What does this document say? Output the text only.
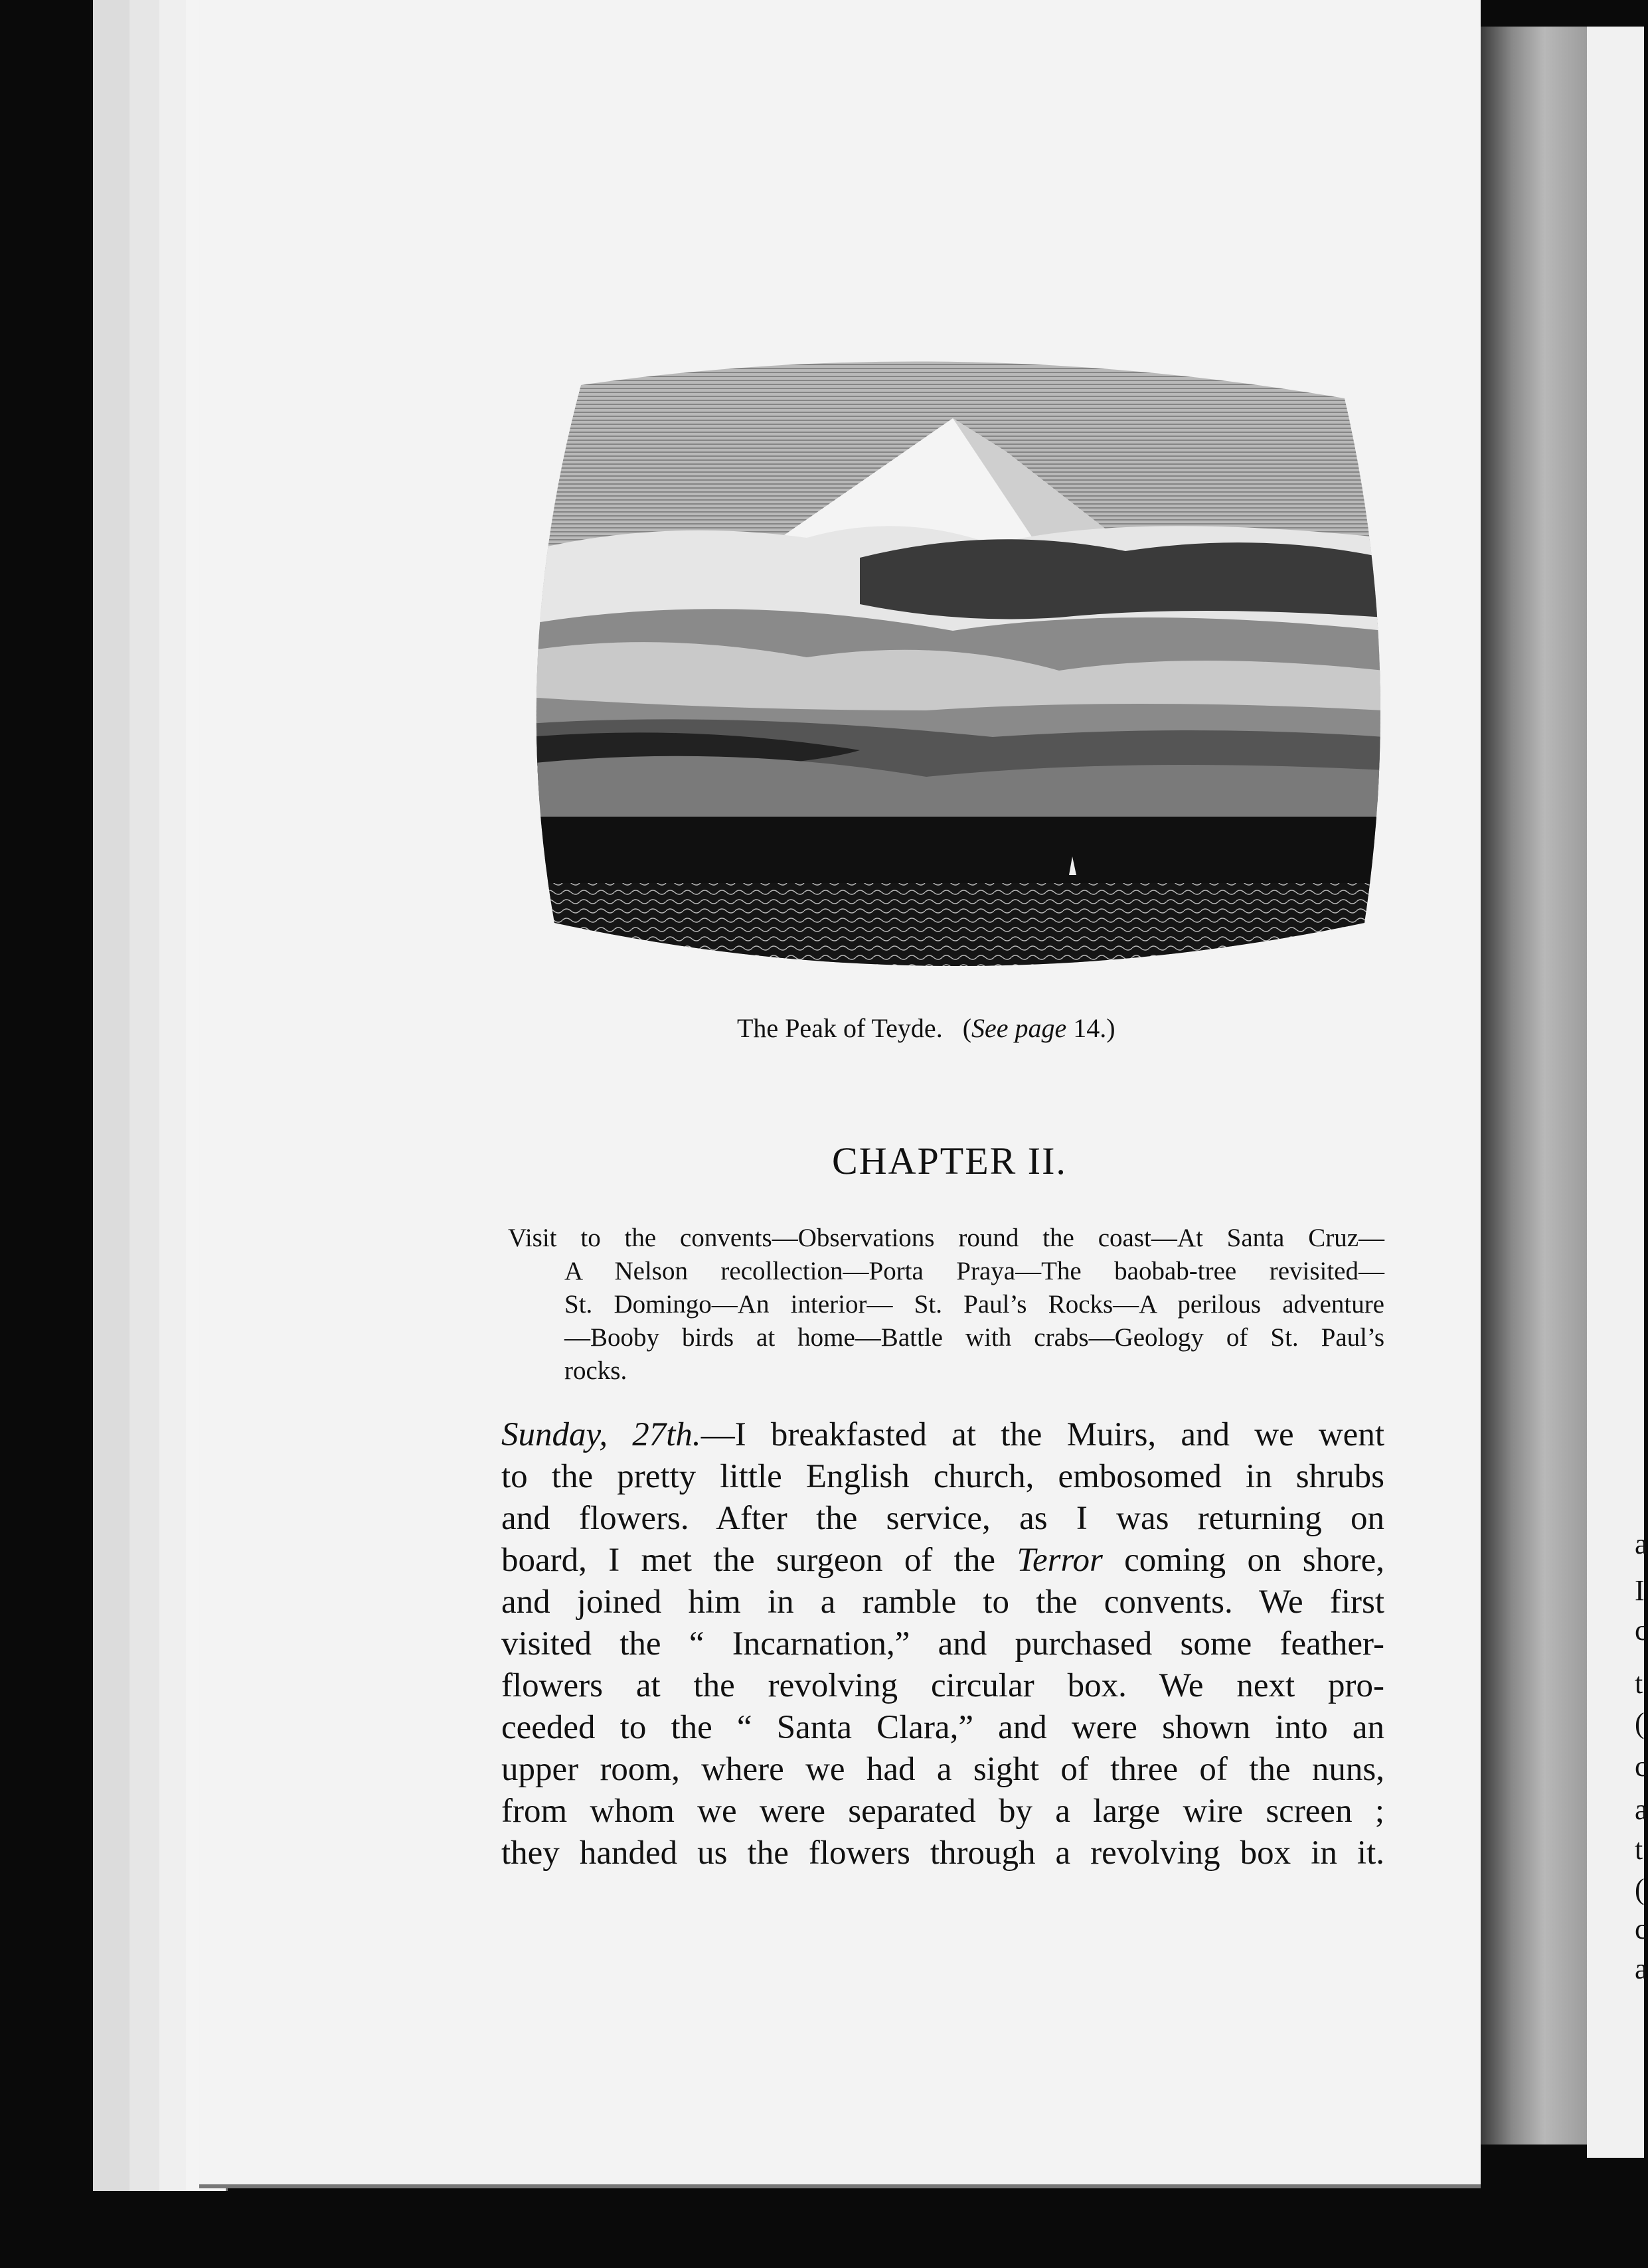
t
(
c
a
The Peak of Teyde. (See page 14.)
CHAPTER II.
Visit to the convents—Observations round the coast—At Santa Cruz—
A Nelson recollection—Porta Praya—The baobab-tree revisited—
St. Domingo—An interior— St. Paul’s Rocks—A perilous adventure
—Booby birds at home—Battle with crabs—Geology of St. Paul’s
rocks.
Sunday, 27th.—I breakfasted at the Muirs, and we went
to the pretty little English church, embosomed in shrubs
and flowers. After the service, as I was returning on
board, I met the surgeon of the Terror coming on shore,
and joined him in a ramble to the convents. We first
visited the “ Incarnation,” and purchased some feather-
flowers at the revolving circular box. We next pro-
ceeded to the “ Santa Clara,” and were shown into an
upper room, where we had a sight of three of the nuns,
from whom we were separated by a large wire screen ;
they handed us the flowers through a revolving box in it.
I
c
a
t
(
c
a
